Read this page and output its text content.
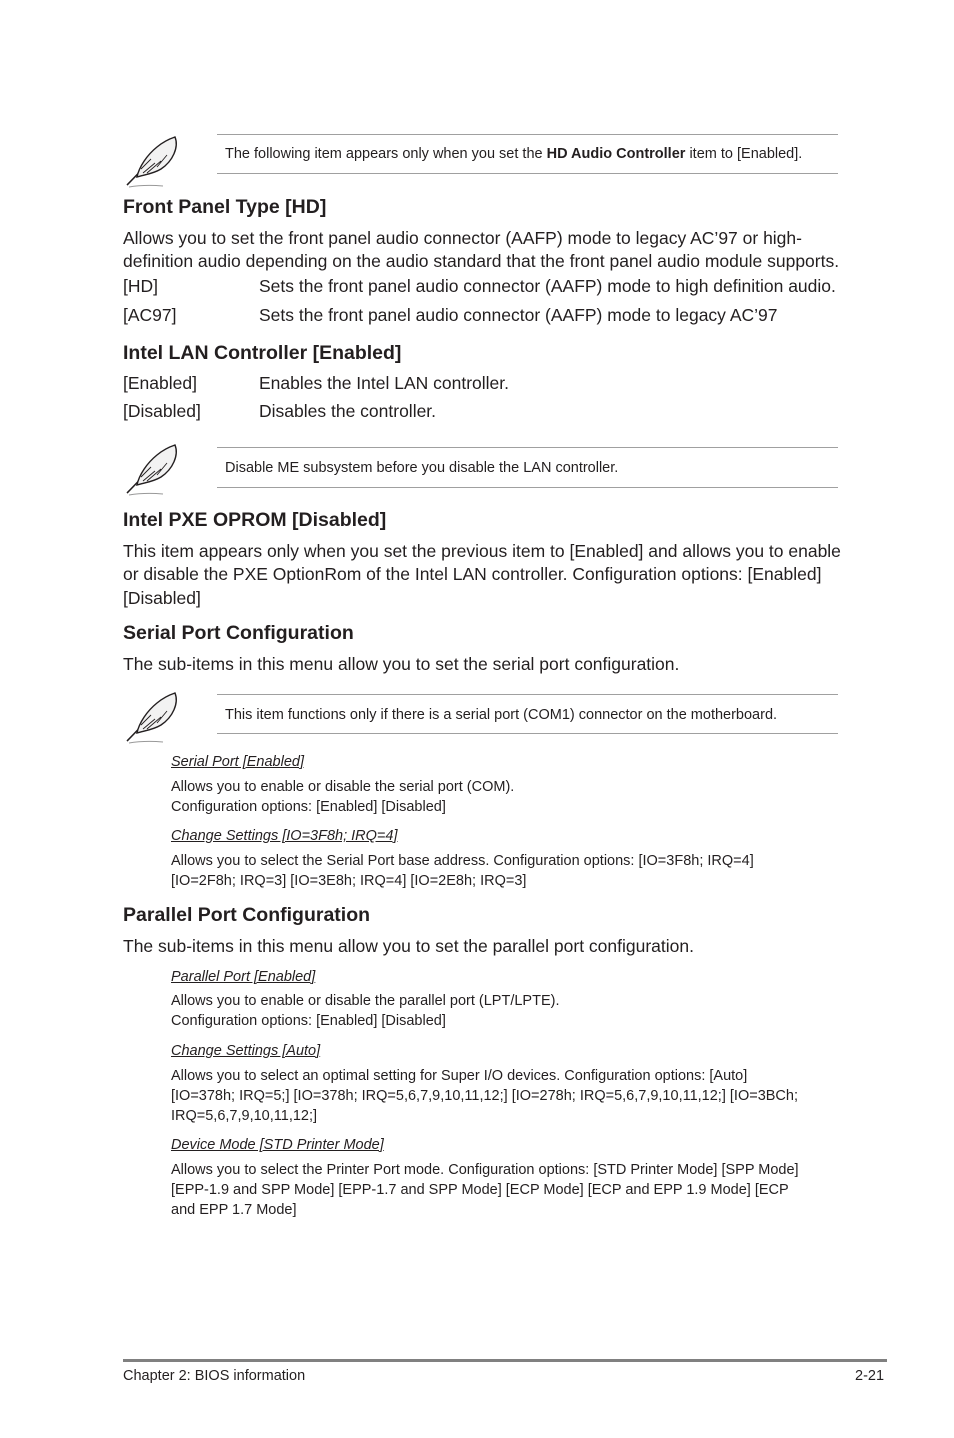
The following item appears only when you set the HD Audio Controller item to [Enabled].
Front Panel Type [HD]
Allows you to set the front panel audio connector (AAFP) mode to legacy AC’97 or high-
definition audio depending on the audio standard that the front panel audio module supports.
[HD]	Sets the front panel audio connector (AAFP) mode to high definition audio.
[AC97]	Sets the front panel audio connector (AAFP) mode to legacy AC’97
Intel LAN Controller [Enabled]
[Enabled]	Enables the Intel LAN controller.
[Disabled]	Disables the controller.
Disable ME subsystem before you disable the LAN controller.
Intel PXE OPROM [Disabled]
This item appears only when you set the previous item to [Enabled] and allows you to enable
or disable the PXE OptionRom of the Intel LAN controller. Configuration options: [Enabled]
[Disabled]
Serial Port Configuration
The sub-items in this menu allow you to set the serial port configuration.
This item functions only if there is a serial port (COM1) connector on the motherboard.
Serial Port [Enabled]
Allows you to enable or disable the serial port (COM).
Configuration options: [Enabled] [Disabled]
Change Settings [IO=3F8h; IRQ=4]
Allows you to select the Serial Port base address. Configuration options: [IO=3F8h; IRQ=4]
[IO=2F8h; IRQ=3] [IO=3E8h; IRQ=4] [IO=2E8h; IRQ=3]
Parallel Port Configuration
The sub-items in this menu allow you to set the parallel port configuration.
Parallel Port [Enabled]
Allows you to enable or disable the parallel port (LPT/LPTE).
Configuration options: [Enabled] [Disabled]
Change Settings [Auto]
Allows you to select an optimal setting for Super I/O devices. Configuration options: [Auto]
[IO=378h; IRQ=5;] [IO=378h; IRQ=5,6,7,9,10,11,12;] [IO=278h; IRQ=5,6,7,9,10,11,12;] [IO=3BCh;
IRQ=5,6,7,9,10,11,12;]
Device Mode [STD Printer Mode]
Allows you to select the Printer Port mode. Configuration options: [STD Printer Mode] [SPP Mode]
[EPP-1.9 and SPP Mode] [EPP-1.7 and SPP Mode] [ECP Mode] [ECP and EPP 1.9 Mode] [ECP
and EPP 1.7 Mode]
Chapter 2: BIOS information	2-21
